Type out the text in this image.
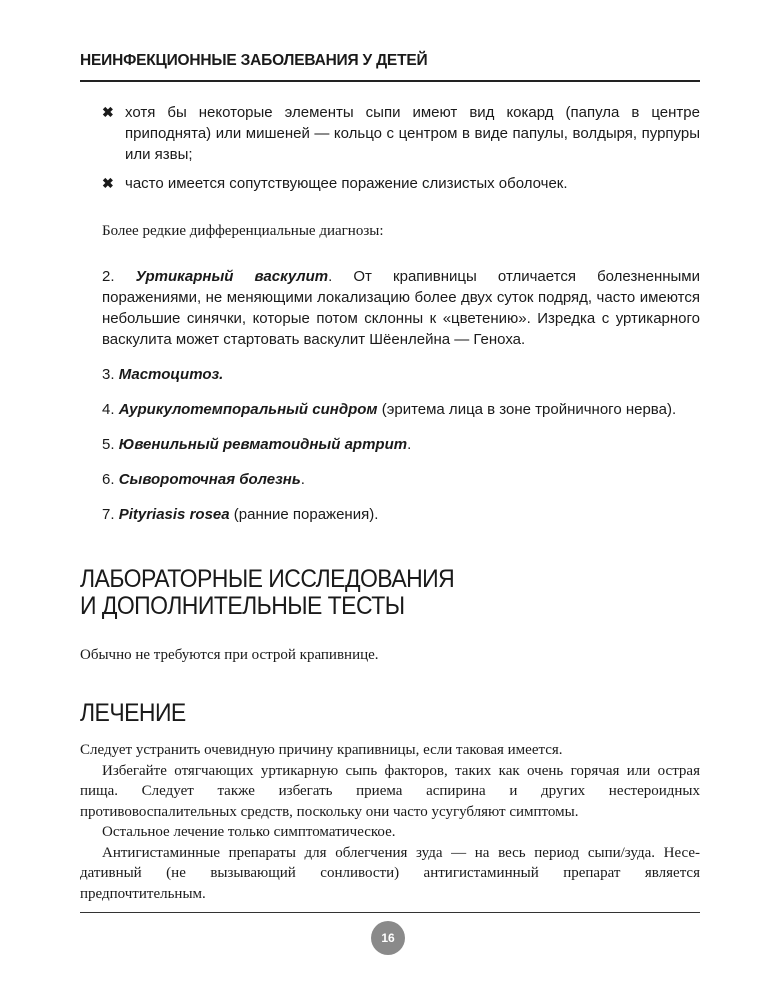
НЕИНФЕКЦИОННЫЕ ЗАБОЛЕВАНИЯ У ДЕТЕЙ
✖ хотя бы некоторые элементы сыпи имеют вид кокард (папула в центре приподнята) или мишеней — кольцо с центром в виде папулы, волдыря, пурпуры или язвы;
✖ часто имеется сопутствующее поражение слизистых оболочек.
Более редкие дифференциальные диагнозы:
2. Уртикарный васкулит. От крапивницы отличается болезненными поражениями, не меняющими локализацию более двух суток подряд, часто имеются небольшие синячки, которые потом склонны к «цветению». Изредка с уртикарного васкулита может стартовать васкулит Шёенлейна — Геноха.
3. Мастоцитоз.
4. Аурикулотемпоральный синдром (эритема лица в зоне тройничного нерва).
5. Ювенильный ревматоидный артрит.
6. Сывороточная болезнь.
7. Pityriasis rosea (ранние поражения).
ЛАБОРАТОРНЫЕ ИССЛЕДОВАНИЯ
И ДОПОЛНИТЕЛЬНЫЕ ТЕСТЫ
Обычно не требуются при острой крапивнице.
ЛЕЧЕНИЕ

Следует устранить очевидную причину крапивницы, если таковая имеется.

Избегайте отягчающих уртикарную сыпь факторов, таких как очень горячая или острая пища. Следует также избегать приема аспирина и других нестероидных противовоспалительных средств, поскольку они часто усугубляют симптомы.

Остальное лечение только симптоматическое.

Антигистаминные препараты для облегчения зуда — на весь период сыпи/зуда. Неседативный (не вызывающий сонливости) антигистаминный препарат является предпочтительным.

16
